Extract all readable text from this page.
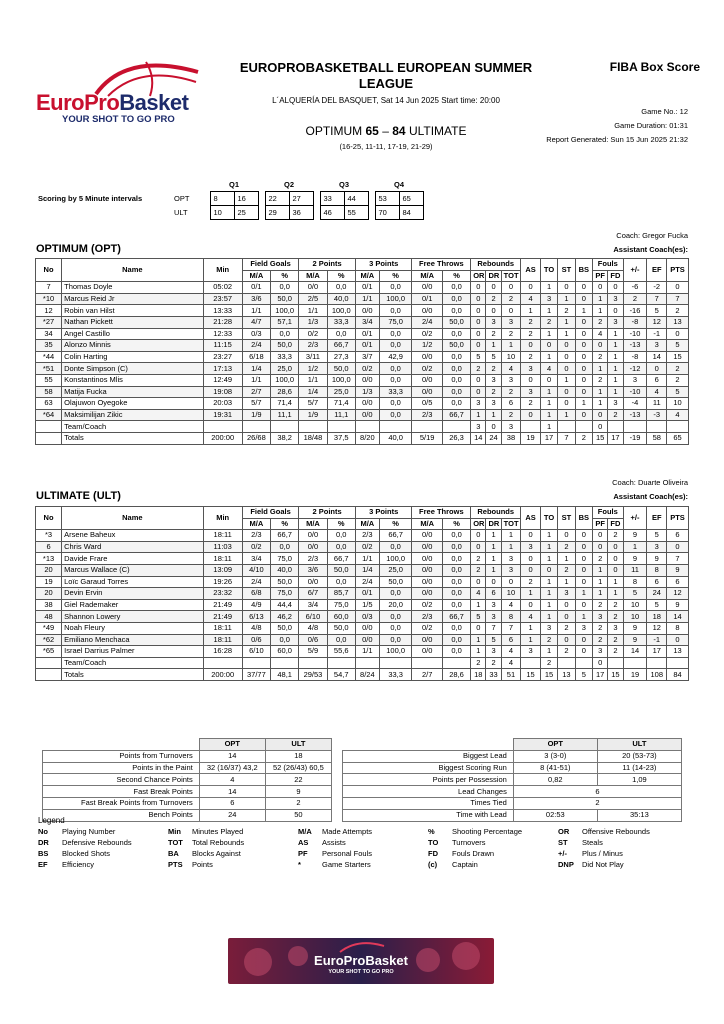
EuroProBasket
YOUR SHOT TO GO PRO
EUROPROBASKETBALL EUROPEAN SUMMER LEAGUE
L´ALQUERÍA DEL BASQUET, Sat 14 Jun 2025 Start time: 20:00
FIBA Box Score
Game No.: 12
Game Duration: 01:31
Report Generated: Sun 15 Jun 2025 21:32
OPTIMUM 65 – 84 ULTIMATE
(16-25, 11-11, 17-19, 21-29)
		Q1			Q2			Q3			Q4	
Scoring by 5 Minute intervals	OPT	8	16		22	27		33	44		53	65
	ULT	10	25		29	36		46	55		70	84
Coach: Gregor Fucka
Assistant Coach(es):
OPTIMUM (OPT)
No	Name	Min	Field Goals		2 Points		3 Points		Free Throws		Rebounds			AS	TO	ST	BS	Fouls		+/-	EF	PTS
			M/A	%	M/A	%	M/A	%	M/A	%	OR	DR	TOT					PF	FD			
7	Thomas Doyle	05:02	0/1	0,0	0/0	0,0	0/1	0,0	0/0	0,0	0	0	0	0	1	0	0	0	0	-6	-2	0
*10	Marcus Reid Jr	23:57	3/6	50,0	2/5	40,0	1/1	100,0	0/1	0,0	0	2	2	4	3	1	0	1	3	2	7	7
12	Robin van Hilst	13:33	1/1	100,0	1/1	100,0	0/0	0,0	0/0	0,0	0	0	0	1	1	2	1	1	0	-16	5	2
*27	Nathan Pickett	21:28	4/7	57,1	1/3	33,3	3/4	75,0	2/4	50,0	0	3	3	2	2	1	0	2	3	-8	12	13
34	Angel Castillo	12:33	0/3	0,0	0/2	0,0	0/1	0,0	0/2	0,0	0	2	2	2	1	1	0	4	1	-10	-1	0
35	Alonzo Minnis	11:15	2/4	50,0	2/3	66,7	0/1	0,0	1/2	50,0	0	1	1	0	0	0	0	0	1	-13	3	5
*44	Colin Harting	23:27	6/18	33,3	3/11	27,3	3/7	42,9	0/0	0,0	5	5	10	2	1	0	0	2	1	-8	14	15
*51	Donte Simpson (C)	17:13	1/4	25,0	1/2	50,0	0/2	0,0	0/2	0,0	2	2	4	3	4	0	0	1	1	-12	0	2
55	Konstantinos Mlis	12:49	1/1	100,0	1/1	100,0	0/0	0,0	0/0	0,0	0	3	3	0	0	1	0	2	1	3	6	2
58	Matija Fucka	19:08	2/7	28,6	1/4	25,0	1/3	33,3	0/0	0,0	0	2	2	3	1	0	0	1	1	-10	4	5
63	Olajuwon Oyegoke	20:03	5/7	71,4	5/7	71,4	0/0	0,0	0/5	0,0	3	3	6	2	1	0	1	1	3	-4	11	10
*64	Maksimilijan Zikic	19:31	1/9	11,1	1/9	11,1	0/0	0,0	2/3	66,7	1	1	2	0	1	1	0	0	2	-13	-3	4
	Team/Coach										3	0	3		1			0				
	Totals	200:00	26/68	38,2	18/48	37,5	8/20	40,0	5/19	26,3	14	24	38	19	17	7	2	15	17	-19	58	65
Coach: Duarte Oliveira
Assistant Coach(es):
ULTIMATE (ULT)
No	Name	Min	Field Goals		2 Points		3 Points		Free Throws		Rebounds			AS	TO	ST	BS	Fouls		+/-	EF	PTS
			M/A	%	M/A	%	M/A	%	M/A	%	OR	DR	TOT					PF	FD			
*3	Arsene Baheux	18:11	2/3	66,7	0/0	0,0	2/3	66,7	0/0	0,0	0	1	1	0	1	0	0	0	2	9	5	6
6	Chris Ward	11:03	0/2	0,0	0/0	0,0	0/2	0,0	0/0	0,0	0	1	1	3	1	2	0	0	0	1	3	0
*13	Davide Frare	18:11	3/4	75,0	2/3	66,7	1/1	100,0	0/0	0,0	2	1	3	0	1	1	0	2	0	9	9	7
20	Marcus Wallace (C)	13:09	4/10	40,0	3/6	50,0	1/4	25,0	0/0	0,0	2	1	3	0	0	2	0	1	0	11	8	9
19	Loïc Garaud Torres	19:26	2/4	50,0	0/0	0,0	2/4	50,0	0/0	0,0	0	0	0	2	1	1	0	1	1	8	6	6
20	Devin Ervin	23:32	6/8	75,0	6/7	85,7	0/1	0,0	0/0	0,0	4	6	10	1	1	3	1	1	1	5	24	12
38	Giel Rademaker	21:49	4/9	44,4	3/4	75,0	1/5	20,0	0/2	0,0	1	3	4	0	1	0	0	2	2	10	5	9
48	Shannon Lowery	21:49	6/13	46,2	6/10	60,0	0/3	0,0	2/3	66,7	5	3	8	4	1	0	1	3	2	10	18	14
*49	Noah Fleury	18:11	4/8	50,0	4/8	50,0	0/0	0,0	0/2	0,0	0	7	7	1	3	2	3	2	3	9	12	8
*62	Emiliano Menchaca	18:11	0/6	0,0	0/6	0,0	0/0	0,0	0/0	0,0	1	5	6	1	2	0	0	2	2	9	-1	0
*65	Israel Darrius Palmer	16:28	6/10	60,0	5/9	55,6	1/1	100,0	0/0	0,0	1	3	4	3	1	2	0	3	2	14	17	13
	Team/Coach										2	2	4		2			0				
	Totals	200:00	37/77	48,1	29/53	54,7	8/24	33,3	2/7	28,6	18	33	51	15	15	13	5	17	15	19	108	84
	OPT	ULT
Points from Turnovers	14	18
Points in the Paint	32 (16/37) 43,2	52 (26/43) 60,5
Second Chance Points	4	22
Fast Break Points	14	9
Fast Break Points from Turnovers	6	2
Bench Points	24	50
	OPT	ULT
Biggest Lead	3 (3-0)	20 (53-73)
Biggest Scoring Run	8 (41-51)	11 (14-23)
Points per Possession	0,82	1,09
Lead Changes	6	
Times Tied	2	
Time with Lead	02:53	35:13
Legend
No	Playing Number	Min	Minutes Played	M/A	Made Attempts	%	Shooting Percentage	OR	Offensive Rebounds
DR	Defensive Rebounds	TOT	Total Rebounds	AS	Assists	TO	Turnovers	ST	Steals
BS	Blocked Shots	BA	Blocks Against	PF	Personal Fouls	FD	Fouls Drawn	+/-	Plus / Minus
EF	Efficiency	PTS	Points	*	Game Starters	(c)	Captain	DNP	Did Not Play
EuroProBasket
YOUR SHOT TO GO PRO
